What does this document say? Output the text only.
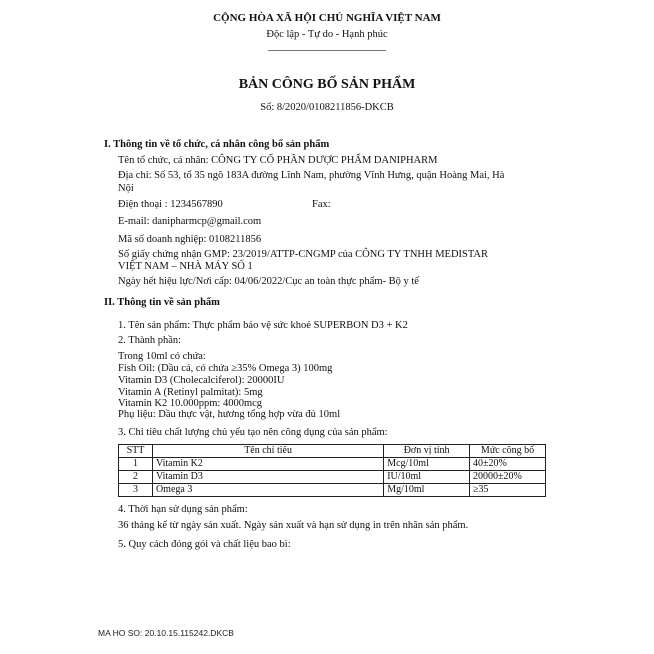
CỘNG HÒA XÃ HỘI CHỦ NGHĨA VIỆT NAM
Độc lập - Tự do - Hạnh phúc
BẢN CÔNG BỐ SẢN PHẨM
Số: 8/2020/0108211856-DKCB
I. Thông tin về tổ chức, cá nhân công bố sản phẩm
Tên tổ chức, cá nhân: CÔNG TY CỔ PHẦN DƯỢC PHẨM DANIPHARM
Địa chỉ: Số 53, tổ 35 ngõ 183A đường Lĩnh Nam, phường Vĩnh Hưng, quận Hoàng Mai, Hà
Nội
Điện thoại : 1234567890	Fax:
E-mail: danipharmcp@gmail.com
Mã số doanh nghiệp: 0108211856
Số giấy chứng nhận GMP: 23/2019/ATTP-CNGMP của CÔNG TY TNHH MEDISTAR
VIỆT NAM – NHÀ MÁY SỐ 1
Ngày hết hiệu lực/Nơi cấp: 04/06/2022/Cục an toàn thực phẩm- Bộ y tế
II. Thông tin về sản phẩm
1. Tên sản phẩm: Thực phẩm bảo vệ sức khoẻ SUPERBON D3 + K2
2. Thành phần:
Trong 10ml có chứa:
Fish Oil: (Dầu cá, có chứa ≥35% Omega 3) 100mg
Vitamin D3 (Cholecalciferol): 20000IU
Vitamin A (Retinyl palmitat): 5mg
Vitamin K2 10.000ppm: 4000mcg
Phụ liệu: Dầu thực vật, hương tổng hợp vừa đủ 10ml
3. Chỉ tiêu chất lượng chủ yếu tạo nên công dụng của sản phẩm:
STT	Tên chỉ tiêu	Đơn vị tính	Mức công bố
1	Vitamin K2	Mcg/10ml	40±20%
2	Vitamin D3	IU/10ml	20000±20%
3	Omega 3	Mg/10ml	≥35
4. Thời hạn sử dụng sản phẩm:
36 tháng kể từ ngày sản xuất. Ngày sản xuất và hạn sử dụng in trên nhãn sản phẩm.
5. Quy cách đóng gói và chất liệu bao bì:
MA HO SO: 20.10.15.115242.DKCB
